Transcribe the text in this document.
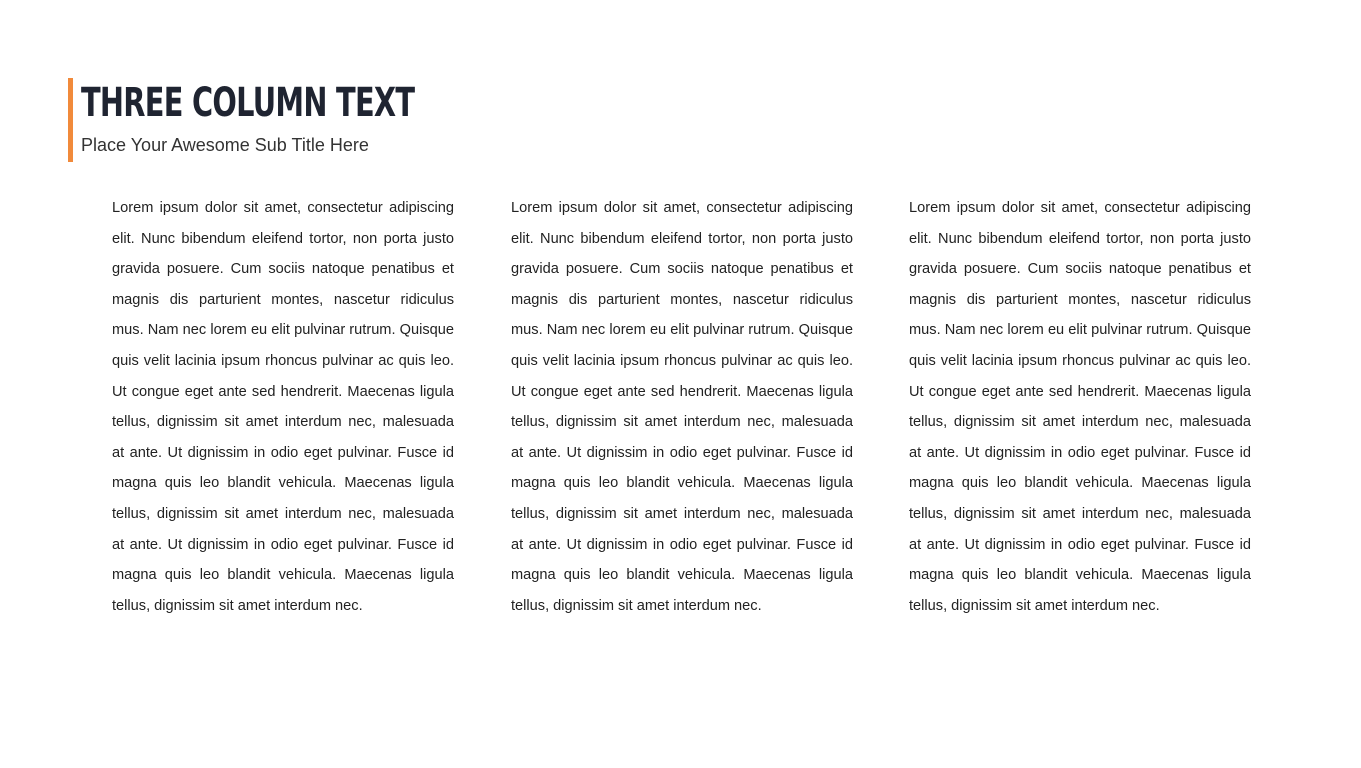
THREE COLUMN TEXT

Place Your Awesome Sub Title Here

Lorem ipsum dolor sit amet, consectetur adipiscing elit. Nunc bibendum eleifend tortor, non porta justo gravida posuere. Cum sociis natoque penatibus et magnis dis parturient montes, nascetur ridiculus mus. Nam nec lorem eu elit pulvinar rutrum. Quisque quis velit lacinia ipsum rhoncus pulvinar ac quis leo. Ut congue eget ante sed hendrerit. Maecenas ligula tellus, dignissim sit amet interdum nec, malesuada at ante. Ut dignissim in odio eget pulvinar. Fusce id magna quis leo blandit vehicula. Maecenas ligula tellus, dignissim sit amet interdum nec, malesuada at ante. Ut dignissim in odio eget pulvinar. Fusce id magna quis leo blandit vehicula. Maecenas ligula tellus, dignissim sit amet interdum nec.

Lorem ipsum dolor sit amet, consectetur adipiscing elit. Nunc bibendum eleifend tortor, non porta justo gravida posuere. Cum sociis natoque penatibus et magnis dis parturient montes, nascetur ridiculus mus. Nam nec lorem eu elit pulvinar rutrum. Quisque quis velit lacinia ipsum rhoncus pulvinar ac quis leo. Ut congue eget ante sed hendrerit. Maecenas ligula tellus, dignissim sit amet interdum nec, malesuada at ante. Ut dignissim in odio eget pulvinar. Fusce id magna quis leo blandit vehicula. Maecenas ligula tellus, dignissim sit amet interdum nec, malesuada at ante. Ut dignissim in odio eget pulvinar. Fusce id magna quis leo blandit vehicula. Maecenas ligula tellus, dignissim sit amet interdum nec.

Lorem ipsum dolor sit amet, consectetur adipiscing elit. Nunc bibendum eleifend tortor, non porta justo gravida posuere. Cum sociis natoque penatibus et magnis dis parturient montes, nascetur ridiculus mus. Nam nec lorem eu elit pulvinar rutrum. Quisque quis velit lacinia ipsum rhoncus pulvinar ac quis leo. Ut congue eget ante sed hendrerit. Maecenas ligula tellus, dignissim sit amet interdum nec, malesuada at ante. Ut dignissim in odio eget pulvinar. Fusce id magna quis leo blandit vehicula. Maecenas ligula tellus, dignissim sit amet interdum nec, malesuada at ante. Ut dignissim in odio eget pulvinar. Fusce id magna quis leo blandit vehicula. Maecenas ligula tellus, dignissim sit amet interdum nec.
